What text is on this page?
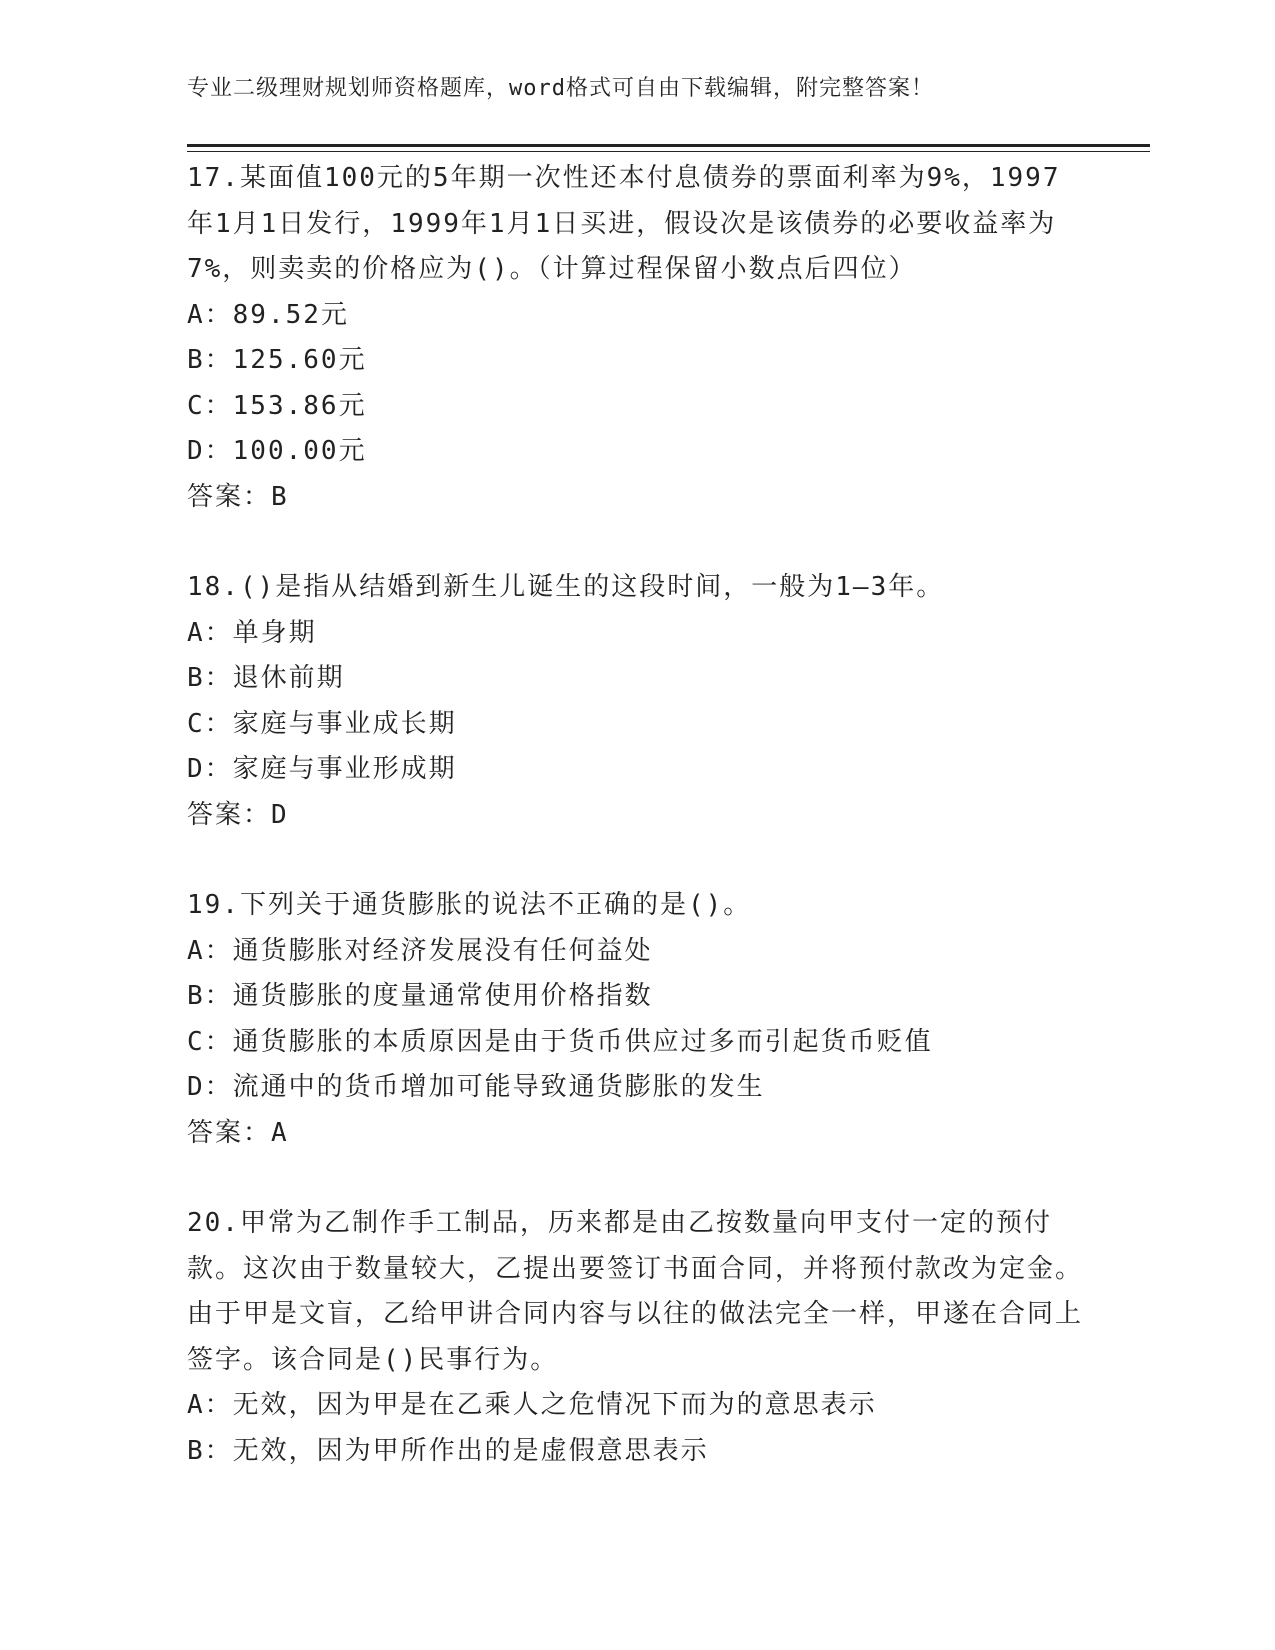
专业二级理财规划师资格题库，word格式可自由下载编辑，附完整答案！
17.某面值100元的5年期一次性还本付息债券的票面利率为9%，1997年1月1日发行，1999年1月1日买进，假设次是该债券的必要收益率为7%，则卖卖的价格应为()。（计算过程保留小数点后四位）
A：89.52元
B：125.60元
C：153.86元
D：100.00元
答案：B
18.()是指从结婚到新生儿诞生的这段时间，一般为1—3年。
A：单身期
B：退休前期
C：家庭与事业成长期
D：家庭与事业形成期
答案：D
19.下列关于通货膨胀的说法不正确的是()。
A：通货膨胀对经济发展没有任何益处
B：通货膨胀的度量通常使用价格指数
C：通货膨胀的本质原因是由于货币供应过多而引起货币贬值
D：流通中的货币增加可能导致通货膨胀的发生
答案：A
20.甲常为乙制作手工制品，历来都是由乙按数量向甲支付一定的预付款。这次由于数量较大，乙提出要签订书面合同，并将预付款改为定金。由于甲是文盲，乙给甲讲合同内容与以往的做法完全一样，甲遂在合同上签字。该合同是()民事行为。
A：无效，因为甲是在乙乘人之危情况下而为的意思表示
B：无效，因为甲所作出的是虚假意思表示
